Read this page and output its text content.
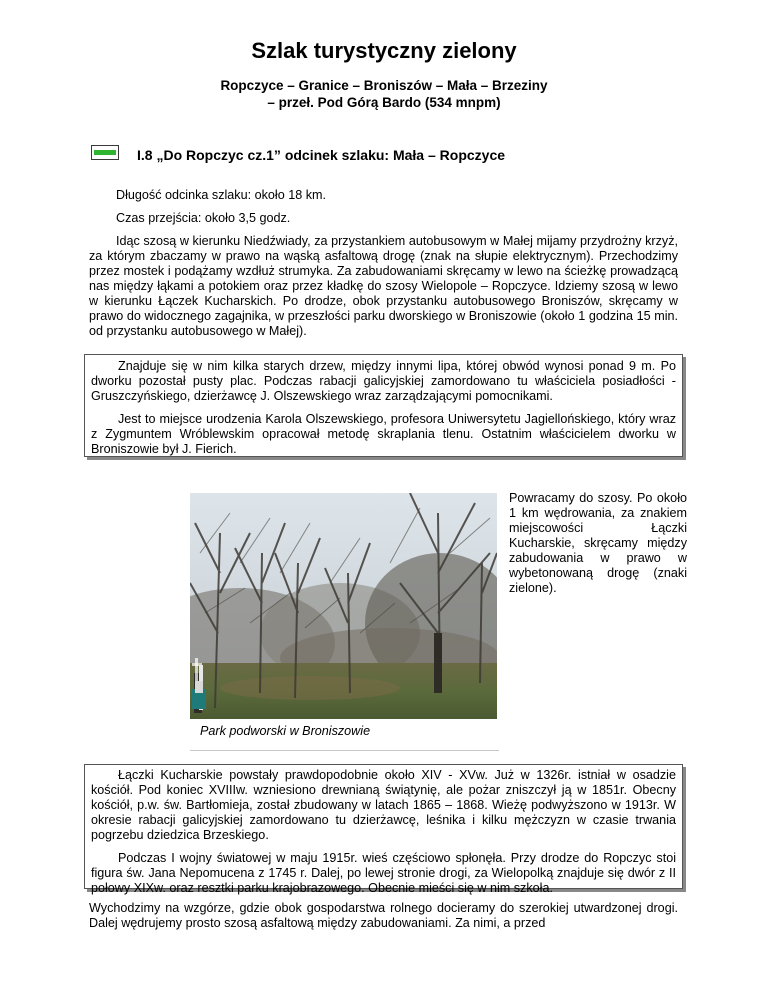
Szlak turystyczny zielony
Ropczyce – Granice – Broniszów – Mała – Brzeziny
– przeł. Pod Górą Bardo (534 mnpm)
I.8 „Do Ropczyc cz.1” odcinek szlaku: Mała – Ropczyce

Długość odcinka szlaku: około 18 km.

Czas przejścia: około 3,5 godz.

Idąc szosą w kierunku Niedźwiady, za przystankiem autobusowym w Małej mijamy przydrożny krzyż, za którym zbaczamy w prawo na wąską asfaltową drogę (znak na słupie elektrycznym). Przechodzimy przez mostek i podążamy wzdłuż strumyka. Za zabudowaniami skręcamy w lewo na ścieżkę prowadzącą nas między łąkami a potokiem oraz przez kładkę do szosy Wielopole – Ropczyce. Idziemy szosą w lewo w kierunku Łączek Kucharskich. Po drodze, obok przystanku autobusowego Broniszów, skręcamy w prawo do widocznego zagajnika, w przeszłości parku dworskiego w Broniszowie (około 1 godzina 15 min. od przystanku autobusowego w Małej).

Znajduje się w nim kilka starych drzew, między innymi lipa, której obwód wynosi ponad 9 m. Po dworku pozostał pusty plac. Podczas rabacji galicyjskiej zamordowano tu właściciela posiadłości - Gruszczyńskiego, dzierżawcę J. Olszewskiego wraz zarządzającymi pomocnikami.

Jest to miejsce urodzenia Karola Olszewskiego, profesora Uniwersytetu Jagiellońskiego, który wraz z Zygmuntem Wróblewskim opracował metodę skraplania tlenu. Ostatnim właścicielem dworku w Broniszowie był J. Fierich.

Powracamy do szosy. Po około 1 km wędrowania, za znakiem miejscowości Łączki Kucharskie, skręcamy między zabudowania w prawo w wybetonowaną drogę (znaki zielone).

Park podworski w Broniszowie

Łączki Kucharskie powstały prawdopodobnie około XIV - XVw. Już w 1326r. istniał w osadzie kościół. Pod koniec XVIIIw. wzniesiono drewnianą świątynię, ale pożar zniszczył ją w 1851r. Obecny kościół, p.w. św. Bartłomieja, został zbudowany w latach 1865 – 1868. Wieżę podwyższono w 1913r. W okresie rabacji galicyjskiej zamordowano tu dzierżawcę, leśnika i kilku mężczyzn w czasie trwania pogrzebu dziedzica Brzeskiego.

Podczas I wojny światowej w maju 1915r. wieś częściowo spłonęła. Przy drodze do Ropczyc stoi figura św. Jana Nepomucena z 1745 r. Dalej, po lewej stronie drogi, za Wielopolką znajduje się dwór z II połowy XIXw. oraz resztki parku krajobrazowego. Obecnie mieści się w nim szkoła.

Wychodzimy na wzgórze, gdzie obok gospodarstwa rolnego docieramy do szerokiej utwardzonej drogi. Dalej wędrujemy prosto szosą asfaltową między zabudowaniami. Za nimi, a przed
